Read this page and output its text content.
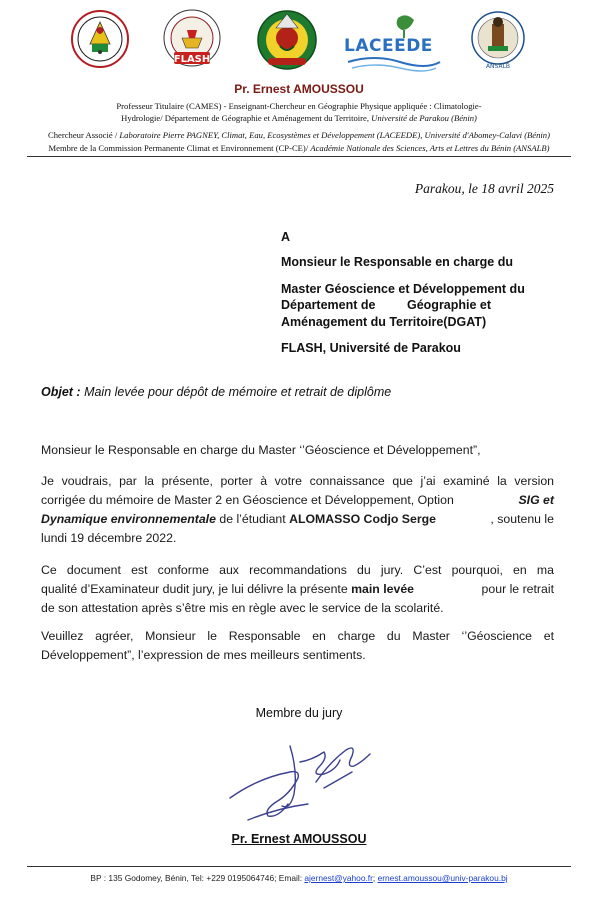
FLASH
LACEEDE
ANSALB
Pr. Ernest AMOUSSOU
Professeur Titulaire (CAMES) - Enseignant-Chercheur en Géographie Physique appliquée : Climatologie-
Hydrologie/ Département de Géographie et Aménagement du Territoire, Université de Parakou (Bénin)
Chercheur Associé / Laboratoire Pierre PAGNEY, Climat, Eau, Ecosystèmes et Développement (LACEEDE), Université d'Abomey-Calavi (Bénin)
Membre de la Commission Permanente Climat et Environnement (CP-CE)/ Académie Nationale des Sciences, Arts et Lettres du Bénin (ANSALB)
Parakou, le 18 avril 2025
A
Monsieur le Responsable en charge du
Master Géoscience et Développement du
Département de	Géographie et
Aménagement du Territoire(DGAT)
FLASH, Université de Parakou
Objet : Main levée pour dépôt de mémoire et retrait de diplôme
Monsieur le Responsable en charge du Master ‘’Géoscience et Développement”,
Je voudrais, par la présente, porter à votre connaissance que j’ai examiné la version
corrigée du mémoire de Master 2 en Géoscience et Développement, Option	SIG et
Dynamique environnementale de l’étudiant ALOMASSO Codjo Serge	, soutenu le
lundi 19 décembre 2022.
Ce document est conforme aux recommandations du jury. C’est pourquoi, en ma
qualité d’Examinateur dudit jury, je lui délivre la présente main levée	pour le retrait
de son attestation après s’être mis en règle avec le service de la scolarité.
Veuillez agréer, Monsieur le Responsable en charge du Master ‘’Géoscience et
Développement”, l’expression de mes meilleurs sentiments.
Membre du jury
Pr. Ernest AMOUSSOU
BP : 135 Godomey, Bénin, Tel: +229 0195064746; Email: ajernest@yahoo.fr; ernest.amoussou@univ-parakou.bj
